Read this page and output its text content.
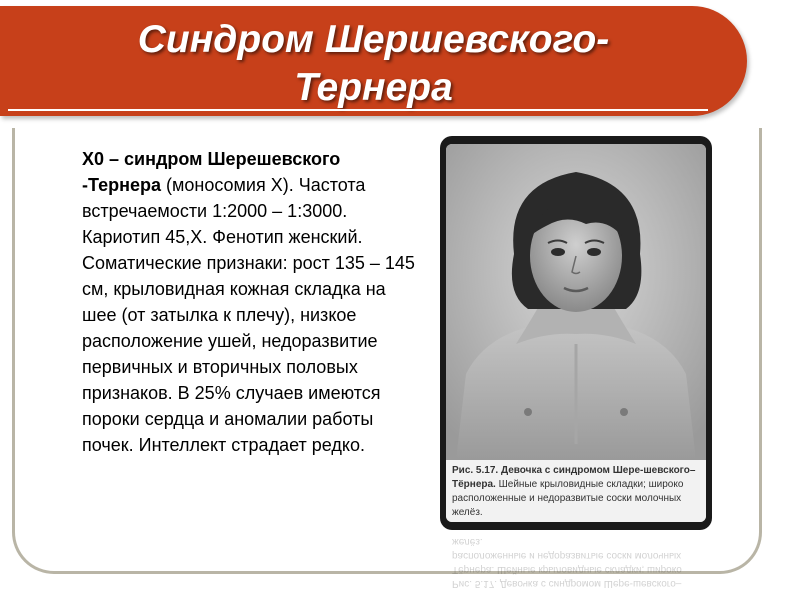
Синдром Шершевского-
Тернера
X0 – синдром Шерешевского -Тернера (моносомия X). Частота встречаемости 1:2000 – 1:3000. Кариотип 45,X. Фенотип женский. Соматические признаки: рост 135 – 145 см, крыловидная кожная складка на шее (от затылка к плечу), низкое расположение ушей, недоразвитие первичных и вторичных половых признаков. В 25% случаев имеются пороки сердца и аномалии работы почек. Интеллект страдает редко.
Рис. 5.17. Девочка с синдромом Шере-шевского–Тёрнера. Шейные крыловидные складки; широко расположенные и недоразвитые соски молочных желёз.
Рис. 5.17. Девочка с синдромом Шере-шевского–Тёрнера. Шейные крыловидные складки; широко расположенные и недоразвитые соски молочных желёз.
